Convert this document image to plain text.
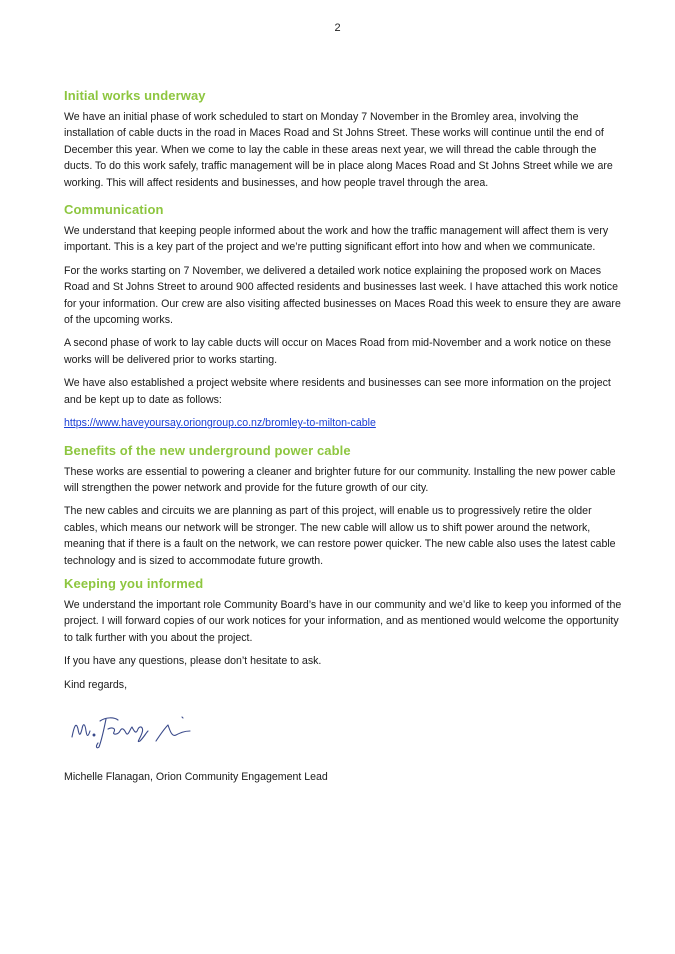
2
Initial works underway

We have an initial phase of work scheduled to start on Monday 7 November in the Bromley area, involving the installation of cable ducts in the road in Maces Road and St Johns Street. These works will continue until the end of December this year. When we come to lay the cable in these areas next year, we will thread the cable through the ducts. To do this work safely, traffic management will be in place along Maces Road and St Johns Street while we are working. This will affect residents and businesses, and how people travel through the area.

Communication

We understand that keeping people informed about the work and how the traffic management will affect them is very important. This is a key part of the project and we’re putting significant effort into how and when we communicate.

For the works starting on 7 November, we delivered a detailed work notice explaining the proposed work on Maces Road and St Johns Street to around 900 affected residents and businesses last week. I have attached this work notice for your information. Our crew are also visiting affected businesses on Maces Road this week to ensure they are aware of the upcoming works.

A second phase of work to lay cable ducts will occur on Maces Road from mid-November and a work notice on these works will be delivered prior to works starting.

We have also established a project website where residents and businesses can see more information on the project and be kept up to date as follows:

https://www.haveyoursay.oriongroup.co.nz/bromley-to-milton-cable

Benefits of the new underground power cable

These works are essential to powering a cleaner and brighter future for our community. Installing the new power cable will strengthen the power network and provide for the future growth of our city.

The new cables and circuits we are planning as part of this project, will enable us to progressively retire the older cables, which means our network will be stronger. The new cable will allow us to shift power around the network, meaning that if there is a fault on the network, we can restore power quicker. The new cable also uses the latest cable technology and is sized to accommodate future growth.

Keeping you informed

We understand the important role Community Board’s have in our community and we’d like to keep you informed of the project. I will forward copies of our work notices for your information, and as mentioned would welcome the opportunity to talk further with you about the project.

If you have any questions, please don’t hesitate to ask.

Kind regards,

Michelle Flanagan, Orion Community Engagement Lead
